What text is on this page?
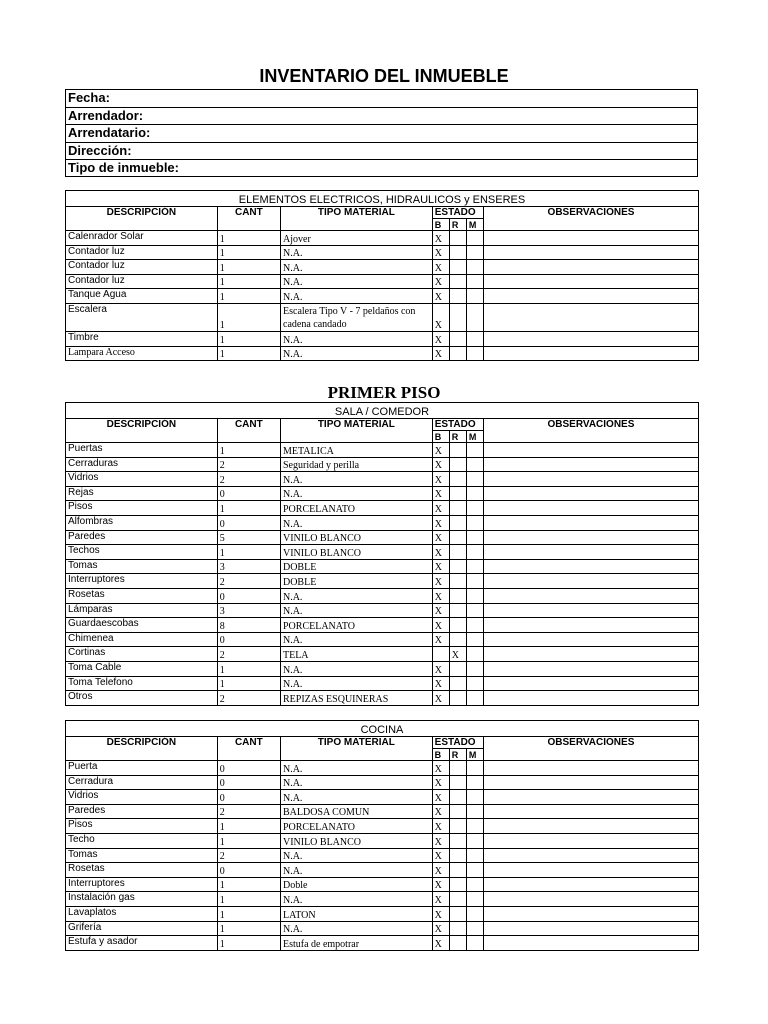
INVENTARIO DEL INMUEBLE
Fecha:
Arrendador:
Arrendatario:
Dirección:
Tipo de inmueble:
ELEMENTOS ELECTRICOS, HIDRAULICOS y ENSERES						
DESCRIPCIÓN	CANT	TIPO MATERIAL	ESTADO			OBSERVACIONES
			B	R	M	
Calenrador Solar	1	Ajover	X			
Contador luz	1	N.A.	X			
Contador luz	1	N.A.	X			
Contador luz	1	N.A.	X			
Tanque Agua	1	N.A.	X			
Escalera	1	Escalera Tipo V - 7 peldaños con cadena candado	X			
Timbre	1	N.A.	X			
Lampara Acceso	1	N.A.	X			
PRIMER PISO
SALA / COMEDOR						
DESCRIPCIÓN	CANT	TIPO MATERIAL	ESTADO			OBSERVACIONES
			B	R	M	
Puertas	1	METALICA	X			
Cerraduras	2	Seguridad y perilla	X			
Vidrios	2	N.A.	X			
Rejas	0	N.A.	X			
Pisos	1	PORCELANATO	X			
Alfombras	0	N.A.	X			
Paredes	5	VINILO BLANCO	X			
Techos	1	VINILO BLANCO	X			
Tomas	3	DOBLE	X			
Interruptores	2	DOBLE	X			
Rosetas	0	N.A.	X			
Lámparas	3	N.A.	X			
Guardaescobas	8	PORCELANATO	X			
Chimenea	0	N.A.	X			
Cortinas	2	TELA		X		
Toma Cable	1	N.A.	X			
Toma Telefono	1	N.A.	X			
Otros	2	REPIZAS ESQUINERAS	X			
COCINA						
DESCRIPCIÓN	CANT	TIPO MATERIAL	ESTADO			OBSERVACIONES
			B	R	M	
Puerta	0	N.A.	X			
Cerradura	0	N.A.	X			
Vidrios	0	N.A.	X			
Paredes	2	BALDOSA COMUN	X			
Pisos	1	PORCELANATO	X			
Techo	1	VINILO BLANCO	X			
Tomas	2	N.A.	X			
Rosetas	0	N.A.	X			
Interruptores	1	Doble	X			
Instalación gas	1	N.A.	X			
Lavaplatos	1	LATON	X			
Grifería	1	N.A.	X			
Estufa y asador	1	Estufa de empotrar	X			
